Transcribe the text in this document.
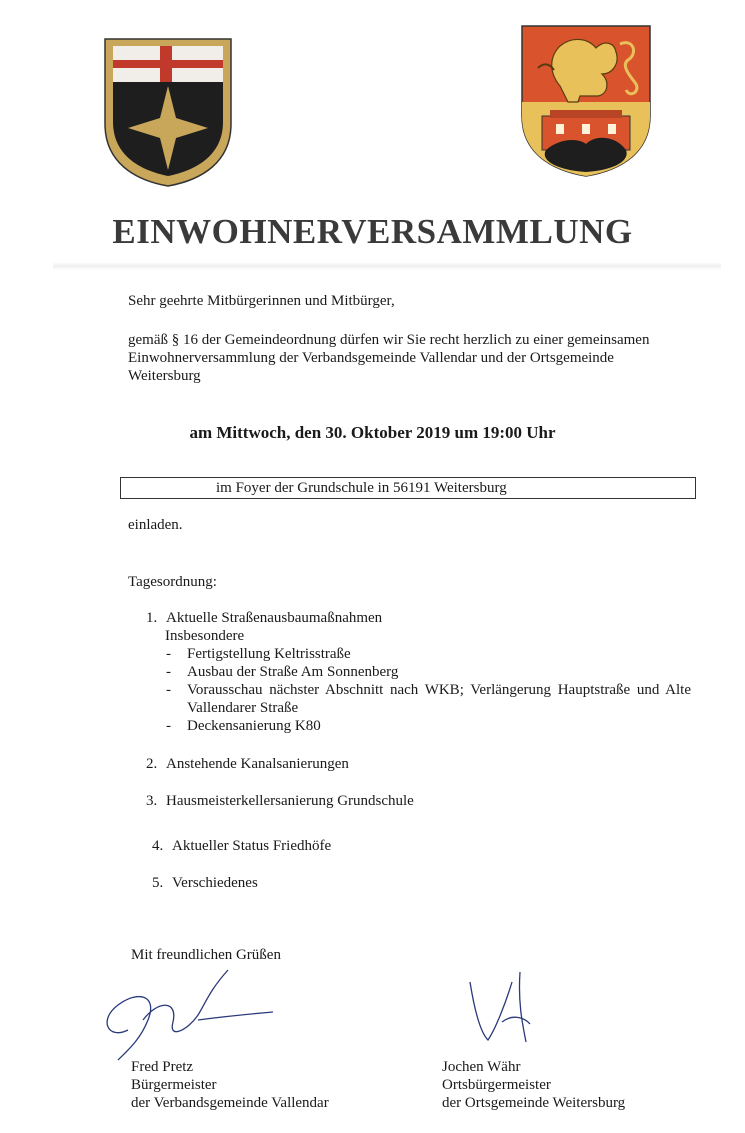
EINWOHNERVERSAMMLUNG
Sehr geehrte Mitbürgerinnen und Mitbürger,

gemäß § 16 der Gemeindeordnung dürfen wir Sie recht herzlich zu einer gemeinsamen

Einwohnerversammlung der Verbandsgemeinde Vallendar und der Ortsgemeinde

Weitersburg

am Mittwoch, den 30. Oktober 2019 um 19:00 Uhr
im Foyer der Grundschule in 56191 Weitersburg
einladen.
Tagesordnung:
1. Aktuelle Straßenausbaumaßnahmen
Insbesondere
- Fertigstellung Keltrisstraße
- Ausbau der Straße Am Sonnenberg
- Vorausschau nächster Abschnitt nach WKB; Verlängerung Hauptstraße und Alte Vallendarer Straße
- Deckensanierung K80
2. Anstehende Kanalsanierungen
3. Hausmeisterkellersanierung Grundschule
4. Aktueller Status Friedhöfe
5. Verschiedenes
Mit freundlichen Grüßen
Fred Pretz
Bürgermeister
der Verbandsgemeinde Vallendar
Jochen Währ
Ortsbürgermeister
der Ortsgemeinde Weitersburg
